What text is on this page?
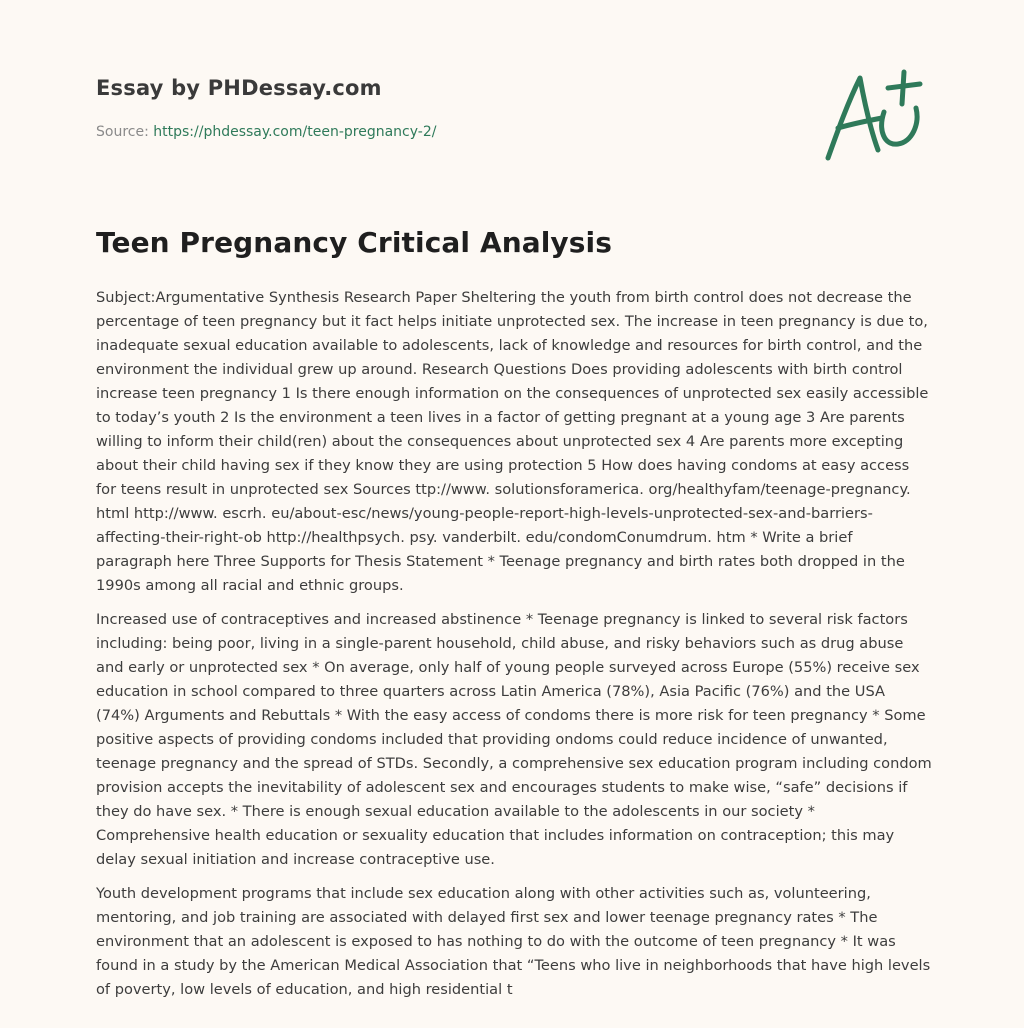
Essay by PHDessay.com
Source: https://phdessay.com/teen-pregnancy-2/
Teen Pregnancy Critical Analysis

Subject:Argumentative Synthesis Research Paper Sheltering the youth from birth control does not decrease the percentage of teen pregnancy but it fact helps initiate unprotected sex. The increase in teen pregnancy is due to, inadequate sexual education available to adolescents, lack of knowledge and resources for birth control, and the environment the individual grew up around. Research Questions Does providing adolescents with birth control increase teen pregnancy 1 Is there enough information on the consequences of unprotected sex easily accessible to today’s youth 2 Is the environment a teen lives in a factor of getting pregnant at a young age 3 Are parents willing to inform their child(ren) about the consequences about unprotected sex 4 Are parents more excepting about their child having sex if they know they are using protection 5 How does having condoms at easy access for teens result in unprotected sex Sources ttp://www. solutionsforamerica. org/healthyfam/teenage-pregnancy. html http://www. escrh. eu/about-esc/news/young-people-report-high-levels-unprotected-sex-and-barriers-affecting-their-right-ob http://healthpsych. psy. vanderbilt. edu/condomConumdrum. htm * Write a brief paragraph here Three Supports for Thesis Statement * Teenage pregnancy and birth rates both dropped in the 1990s among all racial and ethnic groups.

Increased use of contraceptives and increased abstinence * Teenage pregnancy is linked to several risk factors including: being poor, living in a single-parent household, child abuse, and risky behaviors such as drug abuse and early or unprotected sex * On average, only half of young people surveyed across Europe (55%) receive sex education in school compared to three quarters across Latin America (78%), Asia Pacific (76%) and the USA (74%) Arguments and Rebuttals * With the easy access of condoms there is more risk for teen pregnancy * Some positive aspects of providing condoms included that providing ondoms could reduce incidence of unwanted, teenage pregnancy and the spread of STDs. Secondly, a comprehensive sex education program including condom provision accepts the inevitability of adolescent sex and encourages students to make wise, “safe” decisions if they do have sex. * There is enough sexual education available to the adolescents in our society * Comprehensive health education or sexuality education that includes information on contraception; this may delay sexual initiation and increase contraceptive use.

Youth development programs that include sex education along with other activities such as, volunteering, mentoring, and job training are associated with delayed first sex and lower teenage pregnancy rates * The environment that an adolescent is exposed to has nothing to do with the outcome of teen pregnancy * It was found in a study by the American Medical Association that “Teens who live in neighborhoods that have high levels of poverty, low levels of education, and high residential t
